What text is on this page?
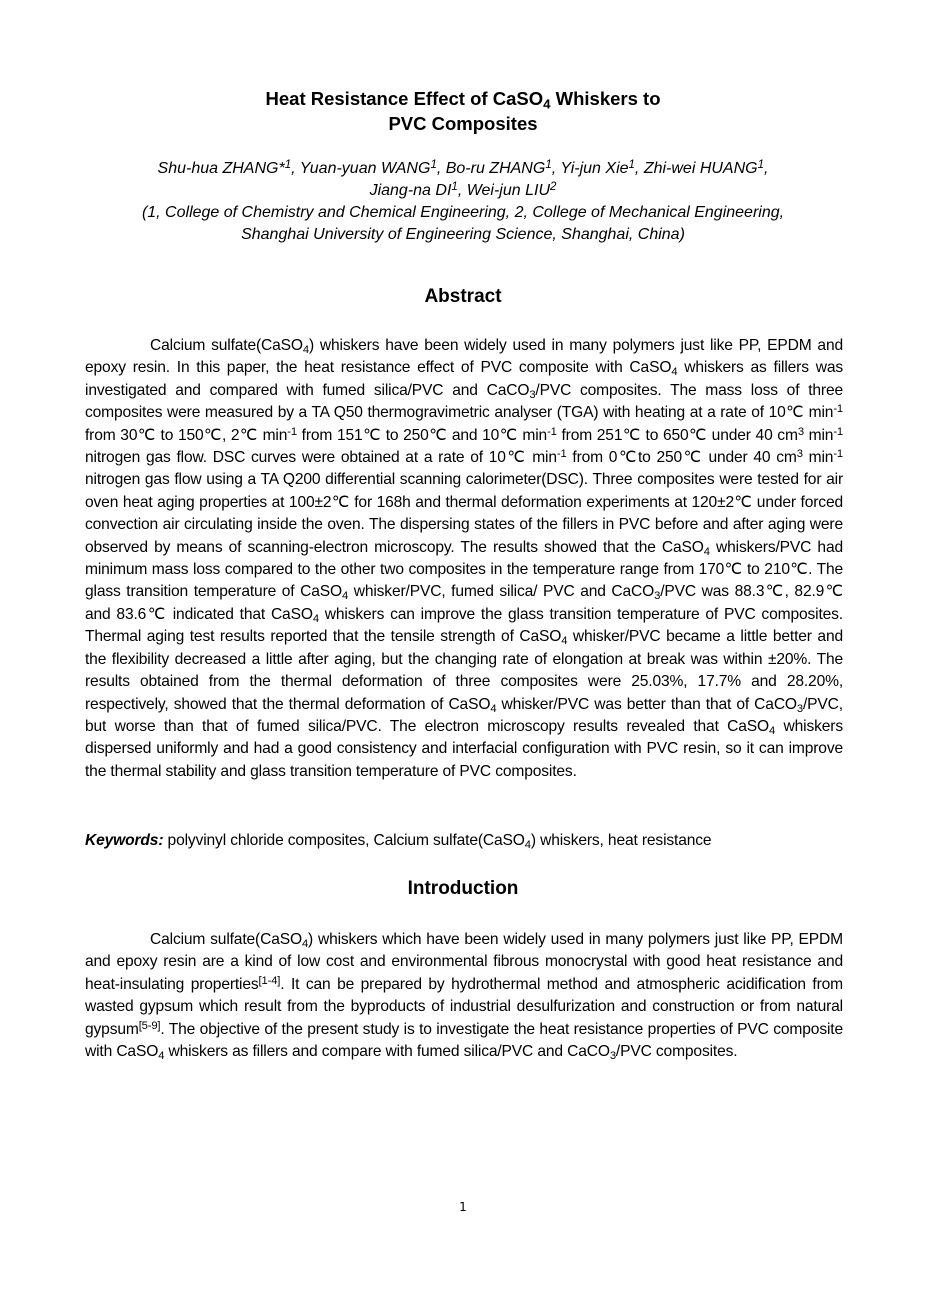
Heat Resistance Effect of CaSO$_4$ Whiskers to
PVC Composites
Shu-hua ZHANG*$^1$, Yuan-yuan WANG$^1$, Bo-ru ZHANG$^1$, Yi-jun Xie$^1$, Zhi-wei HUANG$^1$,
Jiang-na $DI^1$, Wei-jun LIU$^2$
(1, College of Chemistry and Chemical Engineering, 2, College of Mechanical Engineering,
Shanghai University of Engineering Science, Shanghai, China)
Abstract

Calcium sulfate(CaSO$_4$) whiskers have been widely used in many polymers just like PP, EPDM and epoxy resin. In this paper, the heat resistance effect of PVC composite with CaSO$_4$ whiskers as fillers was investigated and compared with fumed silica/PVC and CaCO$_3$/PVC composites. The mass loss of three composites were measured by a TA Q50 thermogravimetric analyser (TGA) with heating at a rate of 10℃ $\min^{-1}$ from 30℃ to 150℃, 2℃ $\min^{-1}$ from 151℃ to 250℃ and 10℃ $\min^{-1}$ from 251℃ to 650℃ under 40 $cm^3$ $\min^{-1}$ nitrogen gas flow. DSC curves were obtained at a rate of 10℃ $\min^{-1}$ from 0℃to 250℃ under 40 $cm^3$ $\min^{-1}$ nitrogen gas flow using a TA Q200 differential scanning calorimeter(DSC). Three composites were tested for air oven heat aging properties at 100±2℃ for 168h and thermal deformation experiments at 120±2℃ under forced convection air circulating inside the oven. The dispersing states of the fillers in PVC before and after aging were observed by means of scanning-electron microscopy. The results showed that the CaSO$_4$ whiskers/PVC had minimum mass loss compared to the other two composites in the temperature range from 170℃ to 210℃. The glass transition temperature of CaSO$_4$ whisker/PVC, fumed silica/ PVC and CaCO$_3$/PVC was 88.3℃, 82.9℃ and 83.6℃ indicated that CaSO$_4$ whiskers can improve the glass transition temperature of PVC composites. Thermal aging test results reported that the tensile strength of CaSO$_4$ whisker/PVC became a little better and the flexibility decreased a little after aging, but the changing rate of elongation at break was within ±20%. The results obtained from the thermal deformation of three composites were 25.03%, 17.7% and 28.20%, respectively, showed that the thermal deformation of CaSO$_4$ whisker/PVC was better than that of CaCO$_3$/PVC, but worse than that of fumed silica/PVC. The electron microscopy results revealed that CaSO$_4$ whiskers dispersed uniformly and had a good consistency and interfacial configuration with PVC resin, so it can improve the thermal stability and glass transition temperature of PVC composites.

Keywords: polyvinyl chloride composites, Calcium sulfate(CaSO$_4$) whiskers, heat resistance
Introduction

Calcium sulfate(CaSO$_4$) whiskers which have been widely used in many polymers just like PP, EPDM and epoxy resin are a kind of low cost and environmental fibrous monocrystal with good heat resistance and heat-insulating properties[1-4]. It can be prepared by hydrothermal method and atmospheric acidification from wasted gypsum which result from the byproducts of industrial desulfurization and construction or from natural gypsum[5-9]. The objective of the present study is to investigate the heat resistance properties of PVC composite with CaSO$_4$ whiskers as fillers and compare with fumed silica/PVC and CaCO$_3$/PVC composites.

1
